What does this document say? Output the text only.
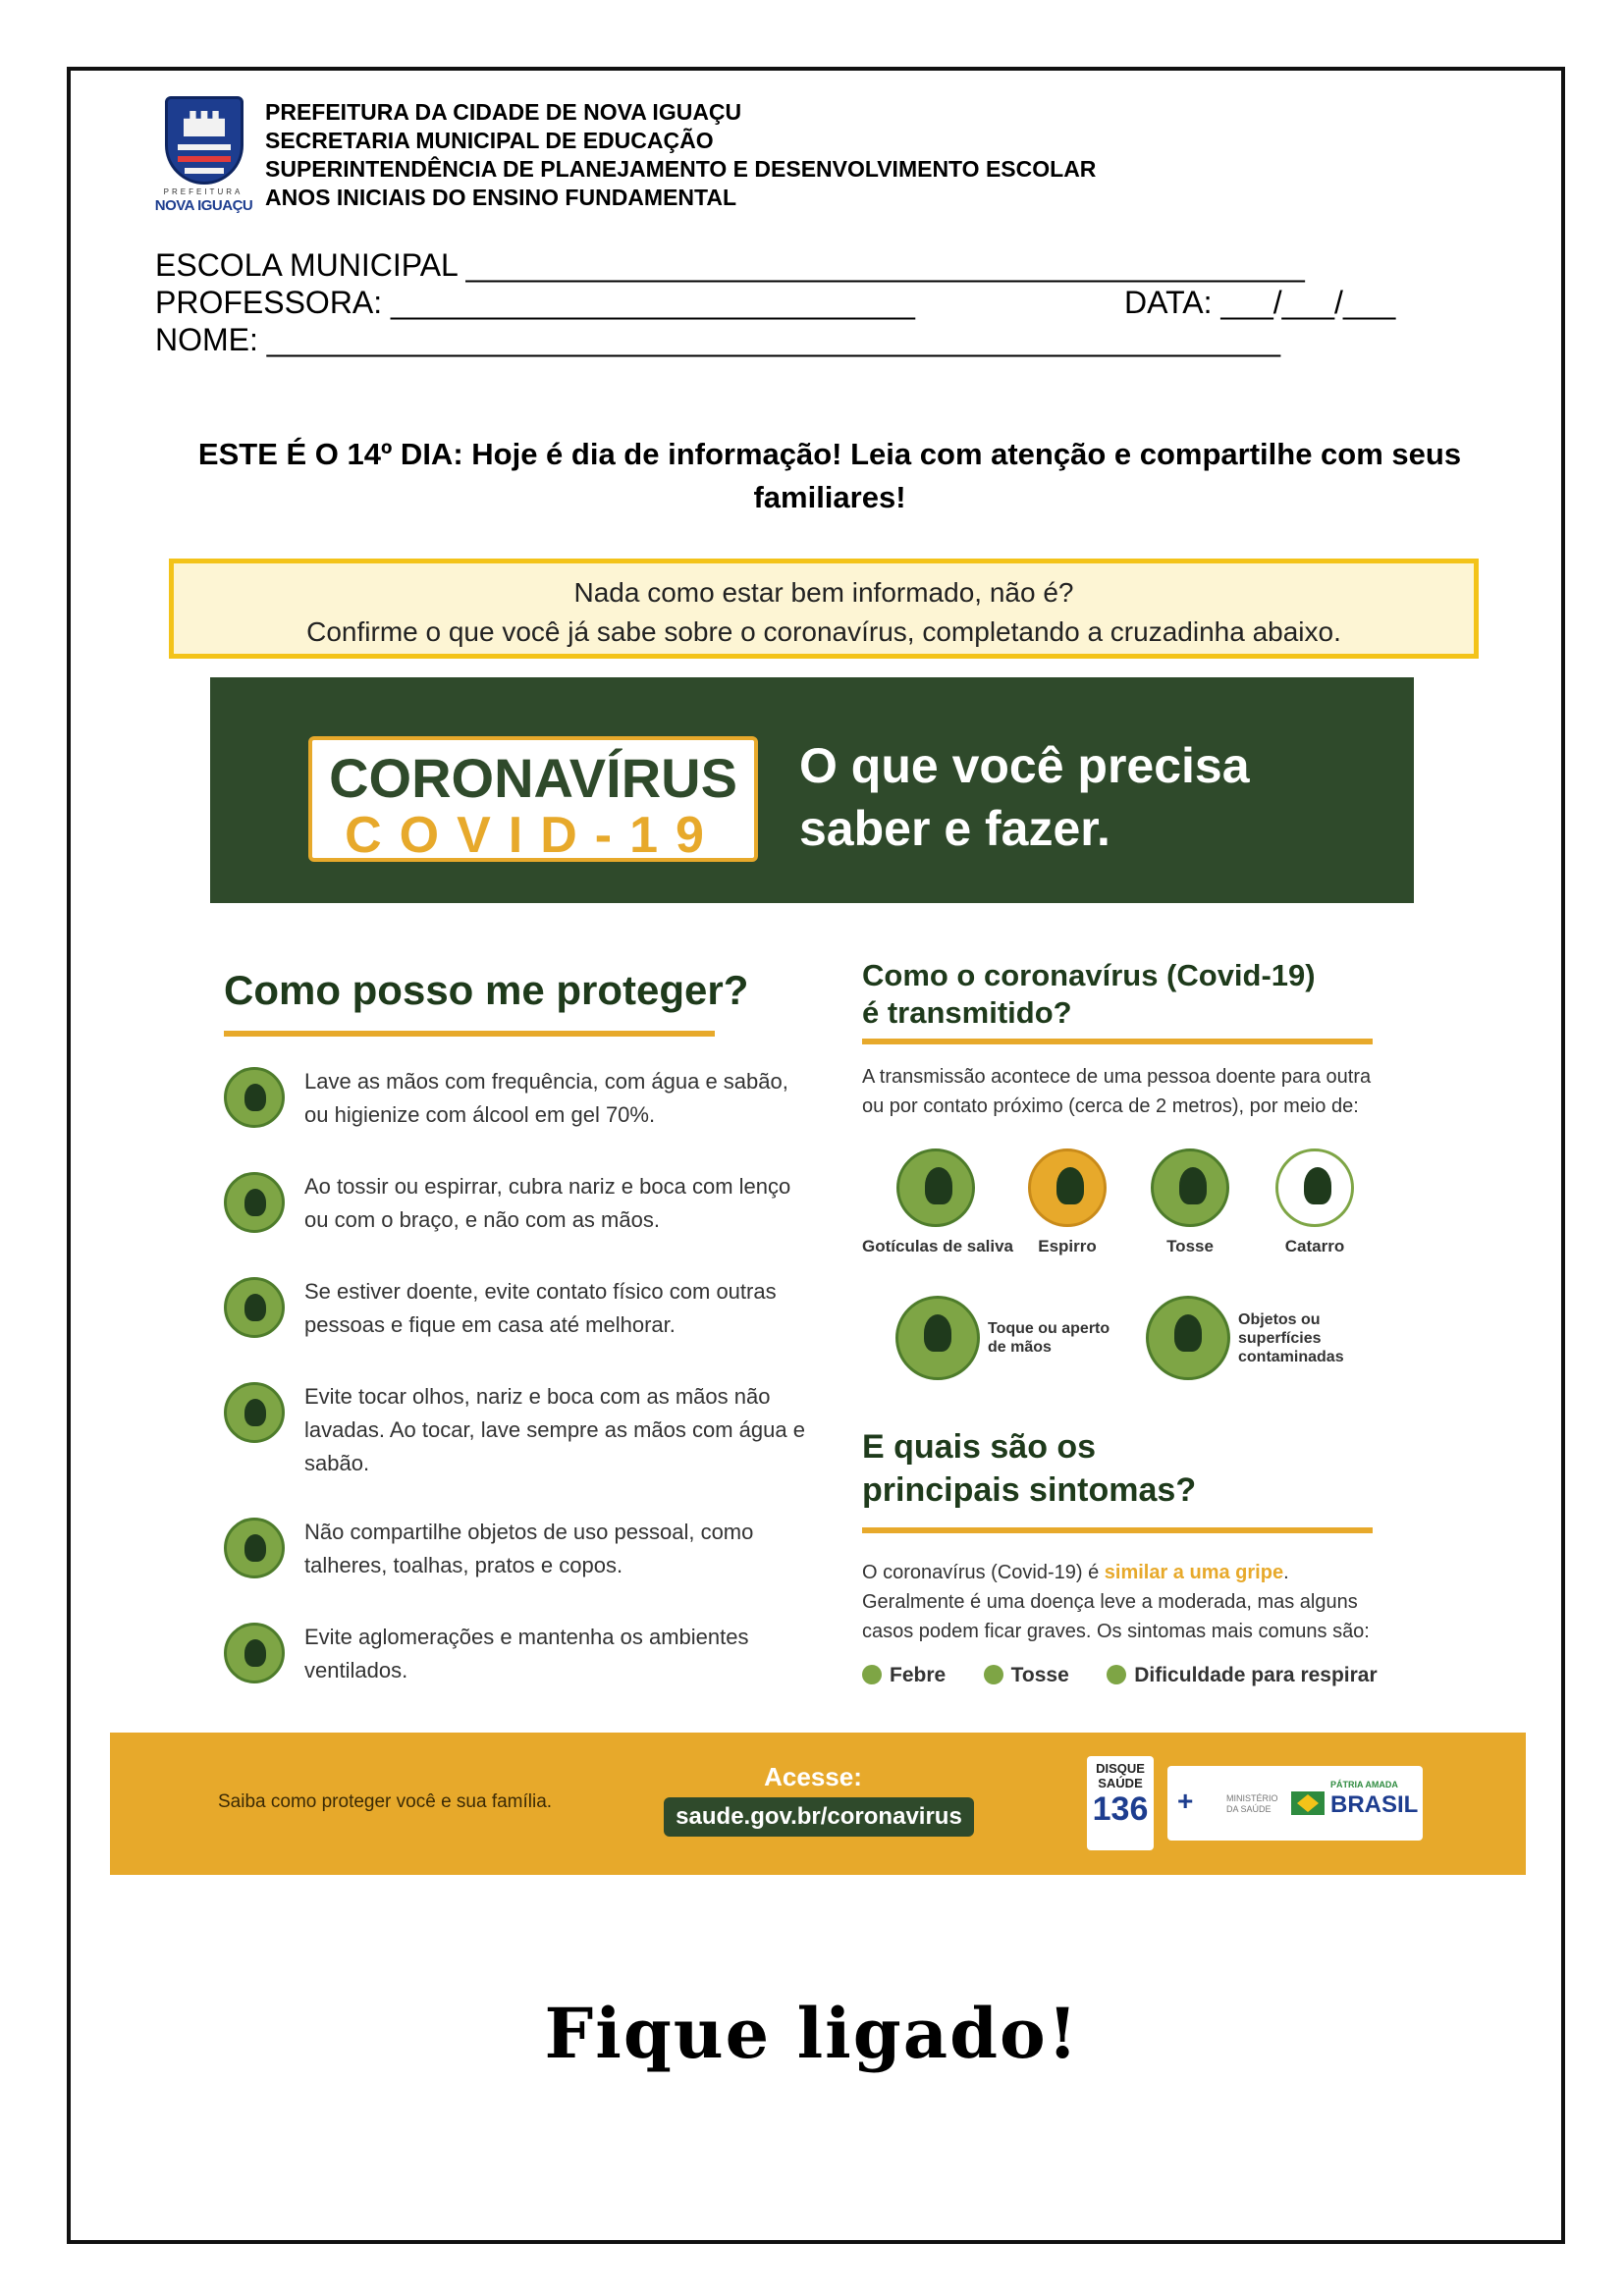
PREFEITURA
NOVA IGUAÇU
PREFEITURA DA CIDADE DE NOVA IGUAÇU
SECRETARIA MUNICIPAL DE EDUCAÇÃO
SUPERINTENDÊNCIA DE PLANEJAMENTO E DESENVOLVIMENTO ESCOLAR
ANOS INICIAIS DO ENSINO FUNDAMENTAL
ESCOLA MUNICIPAL ________________________________________________
PROFESSORA: ______________________________	DATA: ___/___/___
NOME: __________________________________________________________
ESTE É O 14º DIA: Hoje é dia de informação! Leia com atenção e compartilhe com seus familiares!
Nada como estar bem informado, não é?
Confirme o que você já sabe sobre o coronavírus, completando a cruzadinha abaixo.
CORONAVÍRUS
COVID-19
O que você precisa
saber e fazer.
Como posso me proteger?
Lave as mãos com frequência, com água e sabão, ou higienize com álcool em gel 70%.
Ao tossir ou espirrar, cubra nariz e boca com lenço ou com o braço, e não com as mãos.
Se estiver doente, evite contato físico com outras pessoas e fique em casa até melhorar.
Evite tocar olhos, nariz e boca com as mãos não lavadas. Ao tocar, lave sempre as mãos com água e sabão.
Não compartilhe objetos de uso pessoal, como talheres, toalhas, pratos e copos.
Evite aglomerações e mantenha os ambientes ventilados.
Como o coronavírus (Covid-19)
é transmitido?
A transmissão acontece de uma pessoa doente para outra ou por contato próximo (cerca de 2 metros), por meio de:
Gotículas de saliva	Espirro	Tosse	Catarro
Toque ou aperto de mãos
Objetos ou superfícies contaminadas
E quais são os
principais sintomas?
O coronavírus (Covid-19) é similar a uma gripe. Geralmente é uma doença leve a moderada, mas alguns casos podem ficar graves. Os sintomas mais comuns são:
Febre	Tosse	Dificuldade para respirar
Saiba como proteger você e sua família.
Acesse:
saude.gov.br/coronavirus
DISQUE
SAÚDE
136 +	MINISTÉRIO DA SAÚDE
PÁTRIA AMADA
BRASIL
Fique ligado!
